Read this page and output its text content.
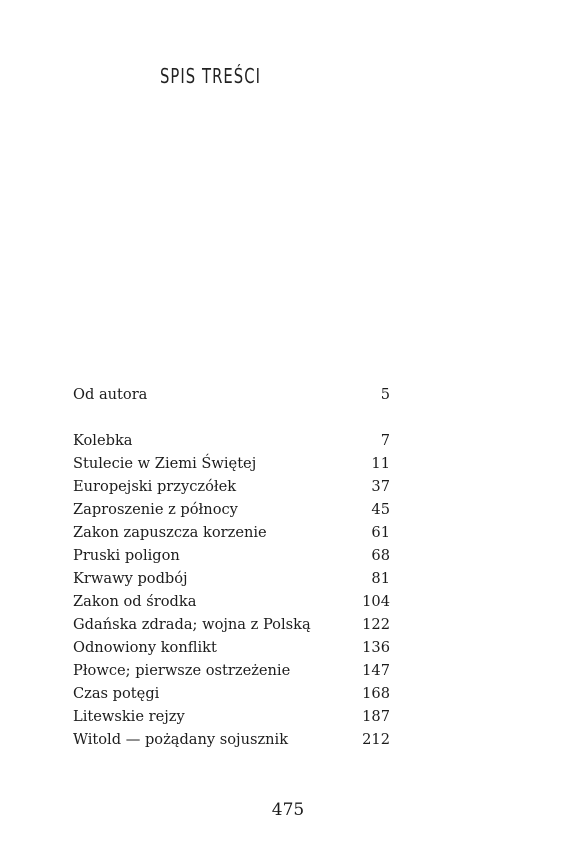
SPIS TREŚCI
Od autora	5
Kolebka	7
Stulecie w Ziemi Świętej	11
Europejski przyczółek	37
Zaproszenie z północy	45
Zakon zapuszcza korzenie	61
Pruski poligon	68
Krwawy podbój	81
Zakon od środka	104
Gdańska zdrada; wojna z Polską	122
Odnowiony konflikt	136
Płowce; pierwsze ostrzeżenie	147
Czas potęgi	168
Litewskie rejzy	187
Witold — pożądany sojusznik	212
475
